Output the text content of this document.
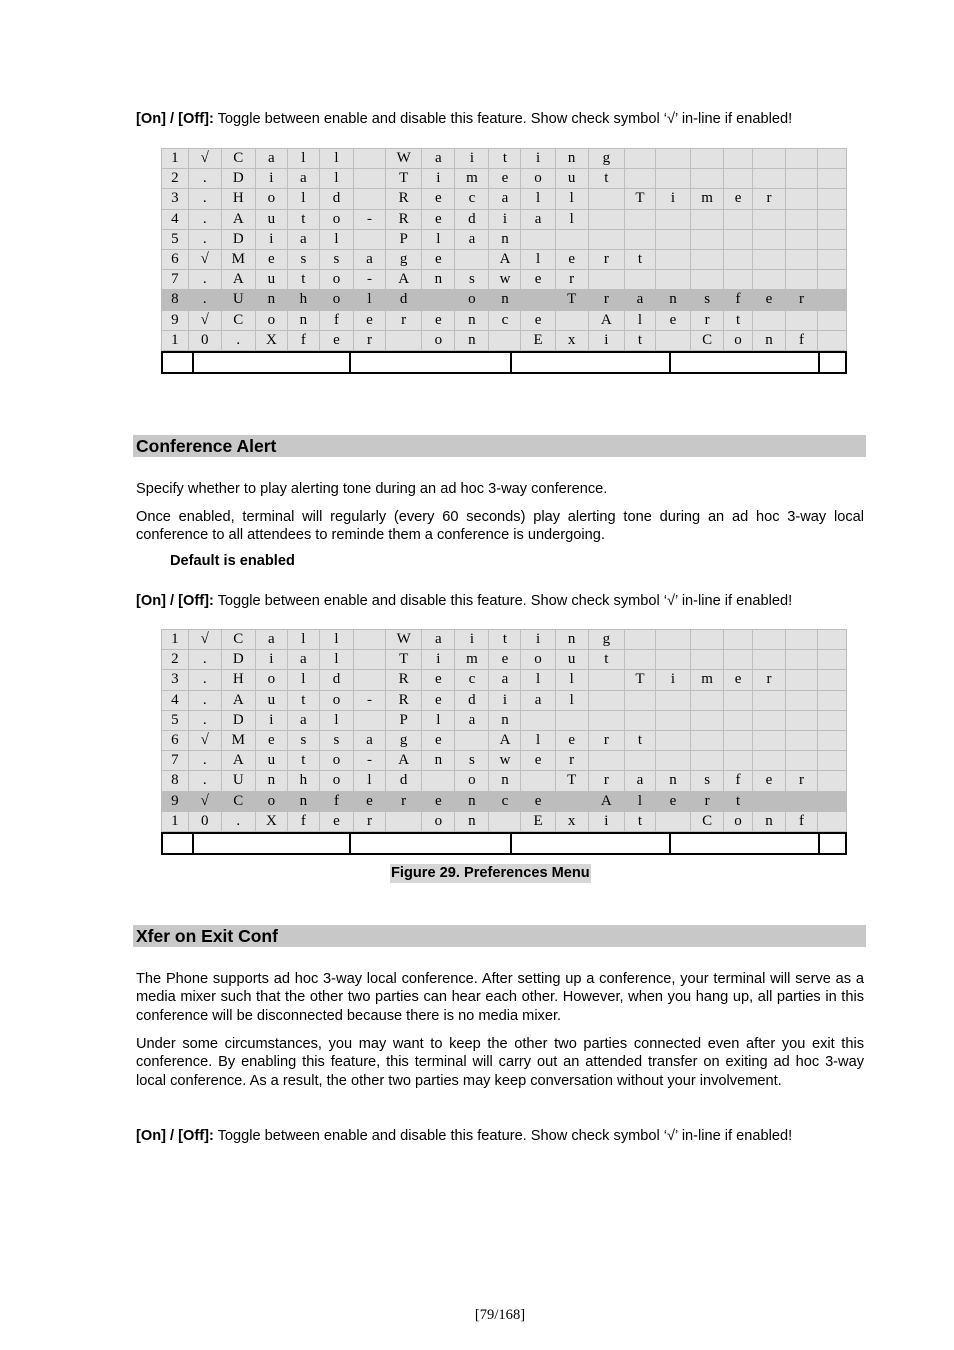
[On] / [Off]: Toggle between enable and disable this feature. Show check symbol ‘√’ in-line if enabled!

1	√	C	a	l	l		W	a	i	t	i	n	g							
2	.	D	i	a	l		T	i	m	e	o	u	t							
3	.	H	o	l	d		R	e	c	a	l	l		T	i	m	e	r		
4	.	A	u	t	o	-	R	e	d	i	a	l								
5	.	D	i	a	l		P	l	a	n										
6	√	M	e	s	s	a	g	e		A	l	e	r	t						
7	.	A	u	t	o	-	A	n	s	w	e	r								
8	.	U	n	h	o	l	d		o	n		T	r	a	n	s	f	e	r	
9	√	C	o	n	f	e	r	e	n	c	e		A	l	e	r	t			
1	0	.	X	f	e	r		o	n		E	x	i	t		C	o	n	f	

Conference Alert

Specify whether to play alerting tone during an ad hoc 3-way conference.

Once enabled, terminal will regularly (every 60 seconds) play alerting tone during an ad hoc 3-way local conference to all attendees to reminde them a conference is undergoing.

Default is enabled

[On] / [Off]: Toggle between enable and disable this feature. Show check symbol ‘√’ in-line if enabled!

1	√	C	a	l	l		W	a	i	t	i	n	g							
2	.	D	i	a	l		T	i	m	e	o	u	t							
3	.	H	o	l	d		R	e	c	a	l	l		T	i	m	e	r		
4	.	A	u	t	o	-	R	e	d	i	a	l								
5	.	D	i	a	l		P	l	a	n										
6	√	M	e	s	s	a	g	e		A	l	e	r	t						
7	.	A	u	t	o	-	A	n	s	w	e	r								
8	.	U	n	h	o	l	d		o	n		T	r	a	n	s	f	e	r	
9	√	C	o	n	f	e	r	e	n	c	e		A	l	e	r	t			
1	0	.	X	f	e	r		o	n		E	x	i	t		C	o	n	f	

Figure 29. Preferences Menu
Xfer on Exit Conf

The Phone supports ad hoc 3-way local conference. After setting up a conference, your terminal will serve as a media mixer such that the other two parties can hear each other. However, when you hang up, all parties in this conference will be disconnected because there is no media mixer.

Under some circumstances, you may want to keep the other two parties connected even after you exit this conference. By enabling this feature, this terminal will carry out an attended transfer on exiting ad hoc 3-way local conference. As a result, the other two parties may keep conversation without your involvement.

[On] / [Off]: Toggle between enable and disable this feature. Show check symbol ‘√’ in-line if enabled!

[79/168]
